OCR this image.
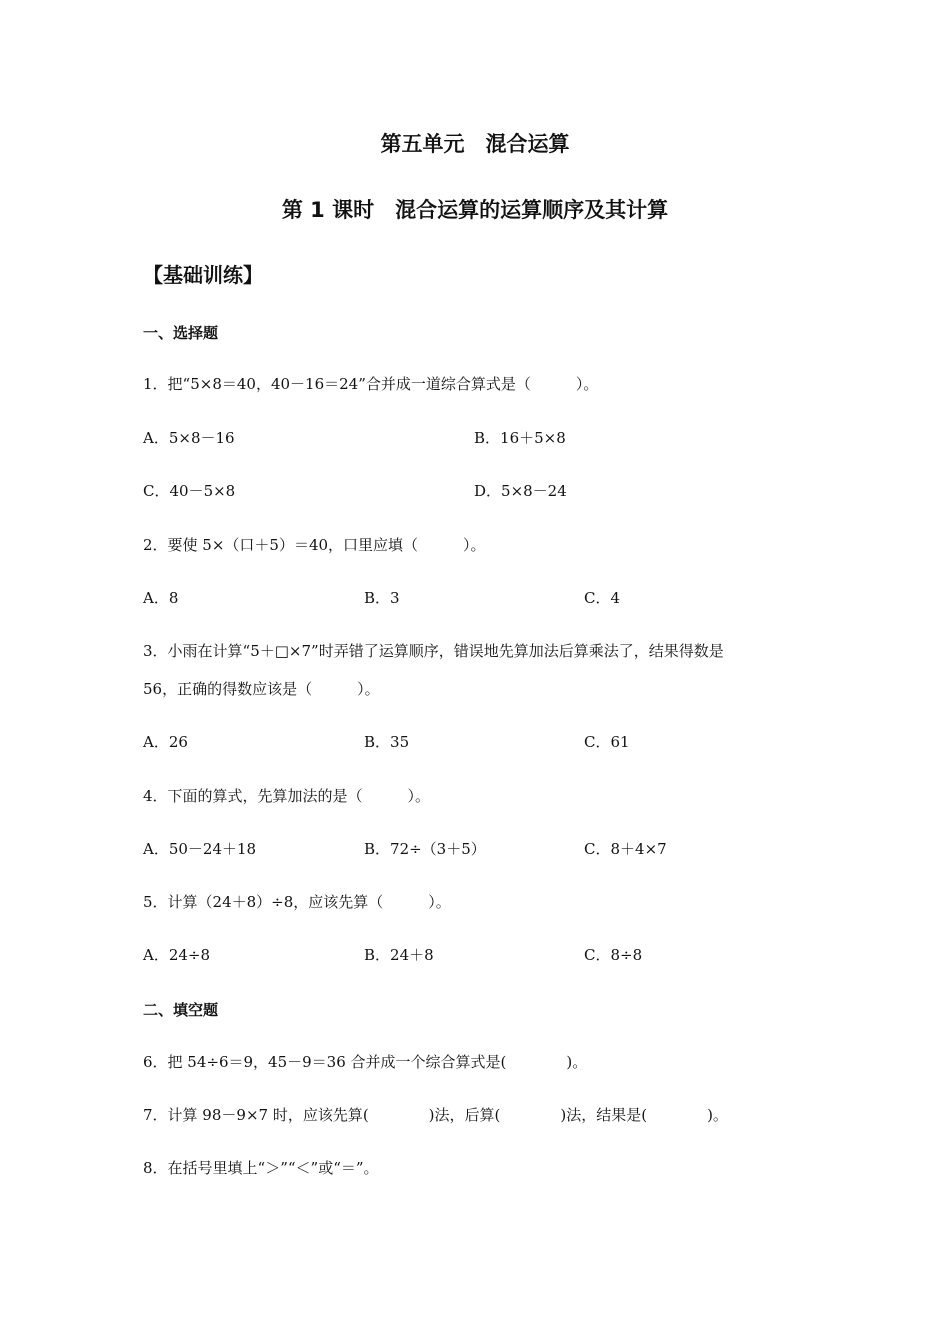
第五单元　混合运算
第 1 课时　混合运算的运算顺序及其计算
【基础训练】
一、选择题
1．把“5×8＝40，40－16＝24”合并成一道综合算式是（　　　）。
A．5×8－16	B．16＋5×8
C．40－5×8	D．5×8－24
2．要使 5×（口＋5）＝40，口里应填（　　　）。
A．8	B．3	C．4
3．小雨在计算“5＋□×7”时弄错了运算顺序，错误地先算加法后算乘法了，结果得数是
56，正确的得数应该是（　　　）。
A．26	B．35	C．61
4．下面的算式，先算加法的是（　　　）。
A．50－24＋18	B．72÷（3＋5）	C．8＋4×7
5．计算（24＋8）÷8，应该先算（　　　）。
A．24÷8	B．24＋8	C．8÷8
二、填空题
6．把 54÷6＝9，45－9＝36 合并成一个综合算式是(　　　　)。
7．计算 98－9×7 时，应该先算(　　　　)法，后算(　　　　)法，结果是(　　　　)。
8．在括号里填上“＞”“＜”或“＝”。
